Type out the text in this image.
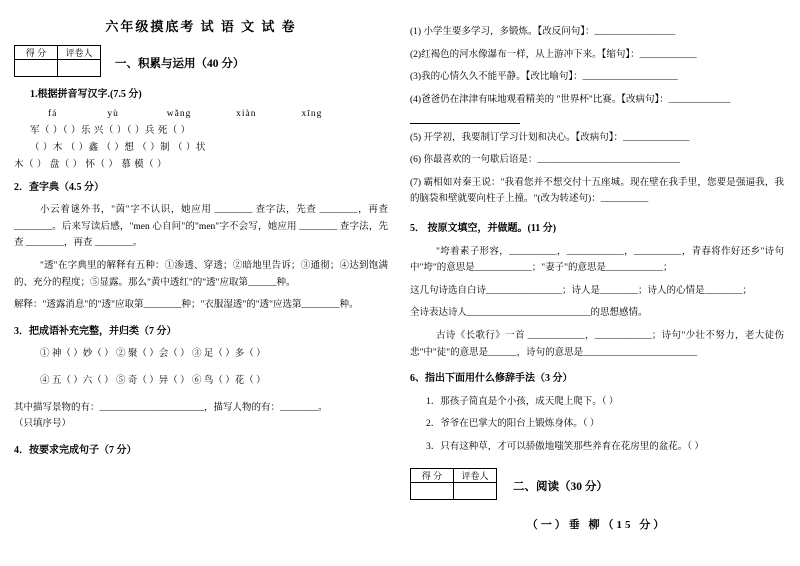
六年级摸底考 试 语 文 试 卷
得 分	评卷人

一、积累与运用（40 分）
1.根据拼音写汉字.(7.5 分)
fá	yù	wǎng	xiàn	xīng
军（ ）（ ）乐 兴（ ）（ ）兵 死（ ）
（ ）木 （ ）鑫 （ ）想 （ ）制 （ ）状
木（ ） 盘（ ） 怀（ ） 慕 模（ ）
2．查字典（4.5 分）
小云着谜外书，"茵"字不认识，她应用 ________ 查字法，先查 ________，再查 ________。后来写读后感，"men 心自问"的"men"字不会写，她应用 ________ 查字法，先查 ________，再查 ________。
"透"在字典里的解释有五种：①渗透、穿透；②暗地里告诉；③通彻；④达到饱满的、充分的程度；⑤显露。那么"黄中透红"的"透"应取第______种。
解释："透露消息"的"透"应取第________种；"衣服湿透"的"透"应选第________种。
3．把成语补充完整，并归类（7 分）
① 神（ ）妙（ ） ② 聚（ ）会（ ） ③ 足（ ）多（ ）
④ 五（ ）六（ ） ⑤ 奇（ ）异（ ） ⑥ 鸟（ ）花（ ）
其中描写景物的有：______________________，描写人物的有：________。
（只填序号）
4．按要求完成句子（7 分）
(1) 小学生要多学习，多锻炼。【改反问句】：_________________
(2)红褐色的河水像瀑布一样，从上游冲下来。【缩句】：____________
(3)我的心情久久不能平静。【改比喻句】：____________________
(4)爸爸仍在津津有味地观看精美的 "世界杯"比赛。【改病句】：_____________
(5) 开学初，我要制订学习计划和决心。【改病句】：______________
(6) 你最喜欢的一句歇后语是：______________________________
(7) 霸相如对秦王说："我看您并不想交付十五座城。现在壁在我手里，您要是强逼我，我的脑袋和壁就要向柱子上撞。"(改为转述句)：__________
5． 按原文填空，并做题。(11 分)
"垮着素子形容，__________，____________，__________，青春将作好还乡"诗句中"垮"的意思是____________；"妻子"的意思是____________；
这几句诗选自白诗________________；诗人是________；诗人的心情是________；
全诗表达诗人__________________________的思想感情。
古诗《长歌行》一首 ____________，____________；诗句"少壮不努力，老大徒伤悲"中"徒"的意思是______，诗句的意思是________________________
6、指出下面用什么修辞手法（3 分）
1．那孩子简直是个小孩，成天爬上爬下。（ ）
2．爷爷在巴掌大的阳台上锻炼身体。（ ）
3．只有这种草，才可以骄傲地嗤笑那些养育在花房里的盆花。（ ）
得 分	评卷人

二、阅读（30 分）
（一）垂 柳（15 分）
